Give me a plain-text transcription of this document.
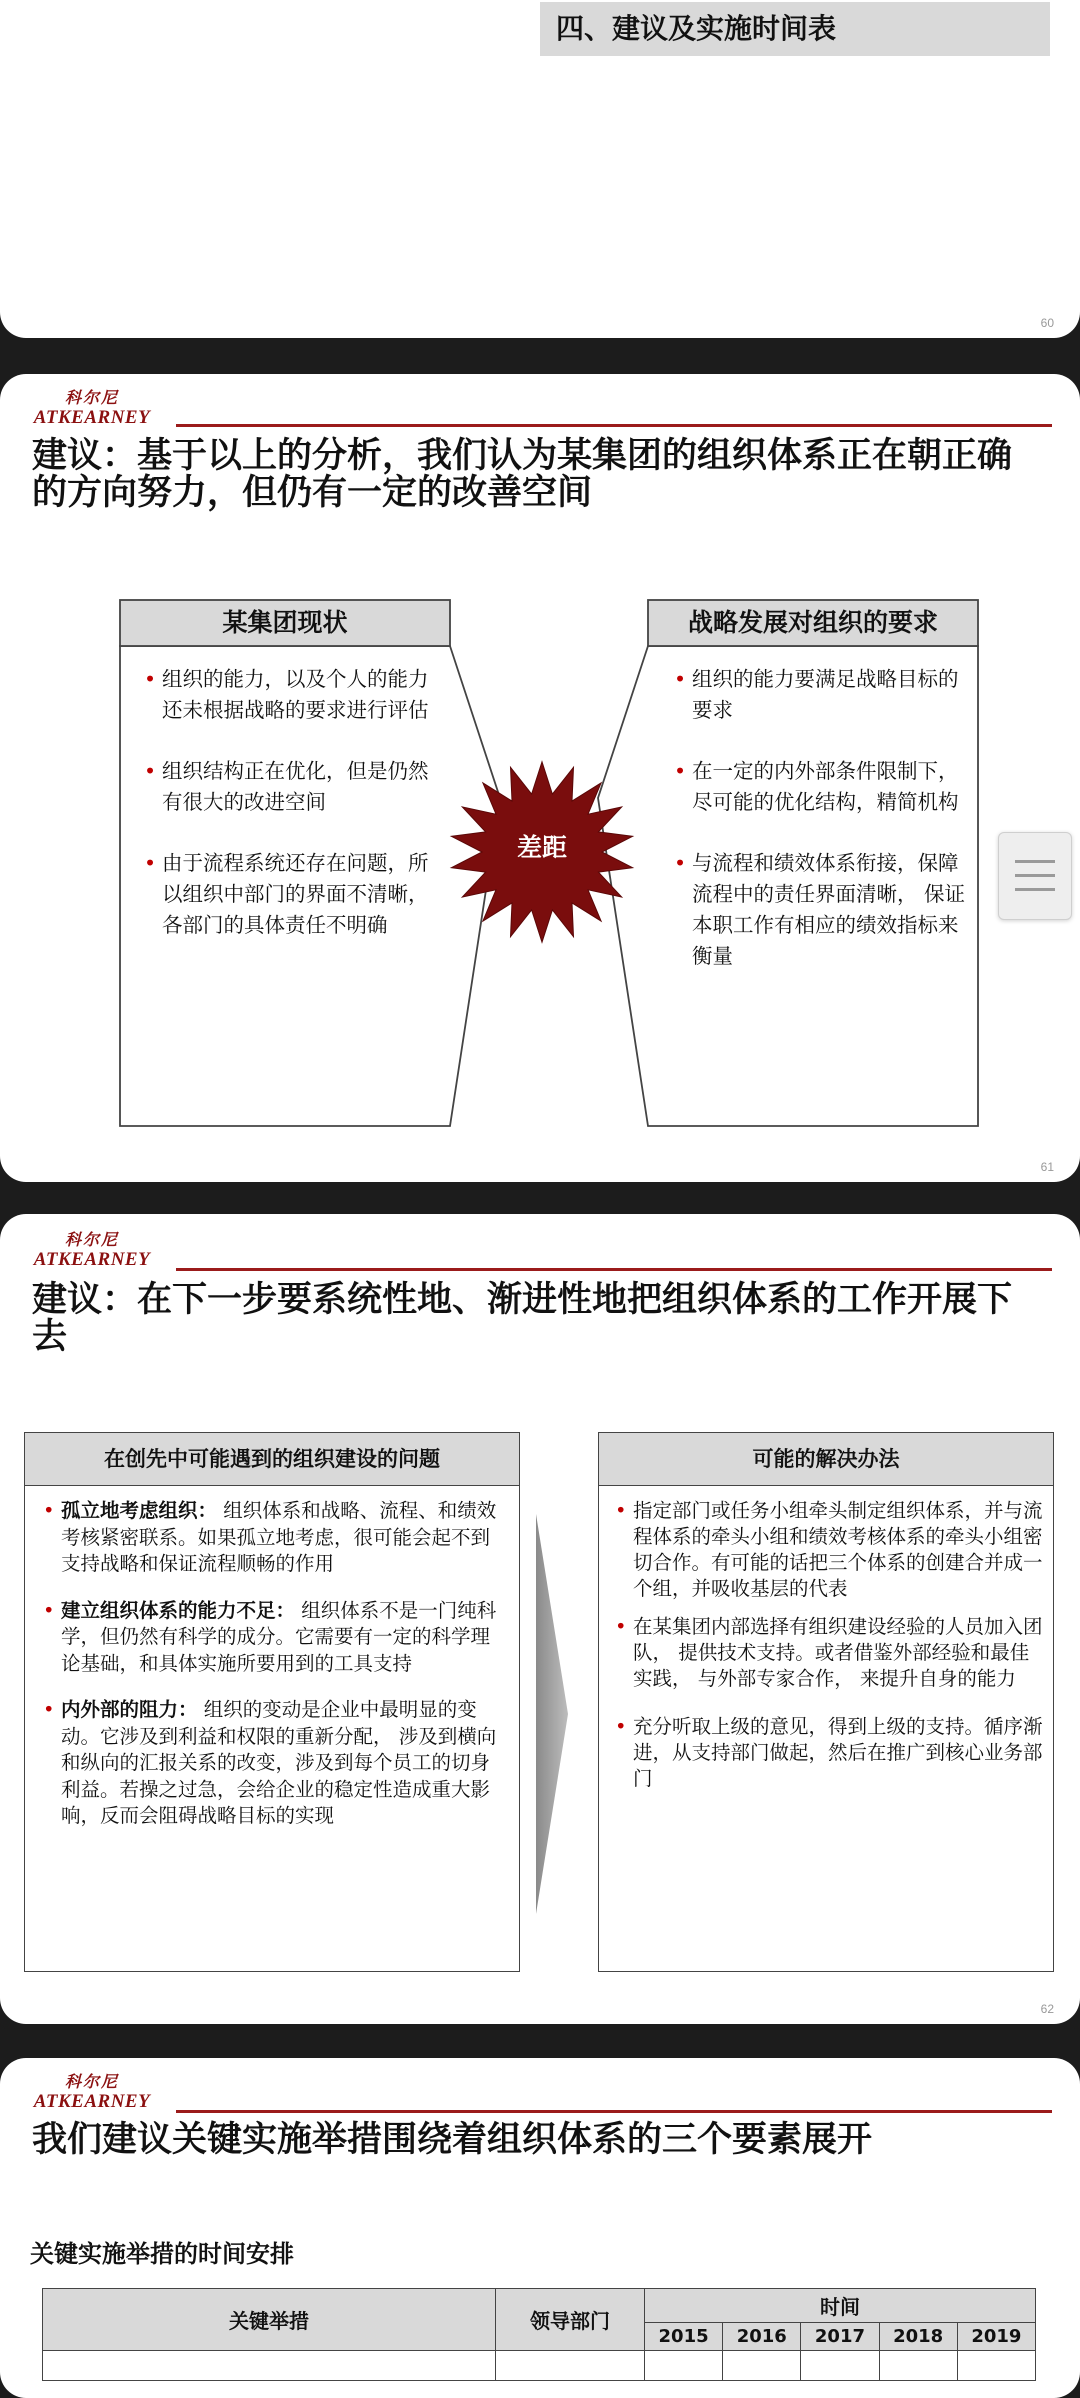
四、建议及实施时间表
60
科尔尼
ATKEARNEY
建议：基于以上的分析，我们认为某集团的组织体系正在朝正确的方向努力，但仍有一定的改善空间
某集团现状	战略发展对组织的要求
• 组织的能力，以及个人的能力还未根据战略的要求进行评估
• 组织结构正在优化，但是仍然有很大的改进空间
• 由于流程系统还存在问题，所以组织中部门的界面不清晰， 各部门的具体责任不明确
差距
• 组织的能力要满足战略目标的要求
• 在一定的内外部条件限制下， 尽可能的优化结构，精简机构
• 与流程和绩效体系衔接，保障流程中的责任界面清晰， 保证本职工作有相应的绩效指标来衡量
61
科尔尼
ATKEARNEY
建议：在下一步要系统性地、渐进性地把组织体系的工作开展下去
在创先中可能遇到的组织建设的问题
• 孤立地考虑组织： 组织体系和战略、流程、和绩效考核紧密联系。如果孤立地考虑，很可能会起不到支持战略和保证流程顺畅的作用
• 建立组织体系的能力不足： 组织体系不是一门纯科学，但仍然有科学的成分。它需要有一定的科学理论基础，和具体实施所要用到的工具支持
• 内外部的阻力： 组织的变动是企业中最明显的变动。它涉及到利益和权限的重新分配， 涉及到横向和纵向的汇报关系的改变，涉及到每个员工的切身利益。若操之过急，会给企业的稳定性造成重大影响，反而会阻碍战略目标的实现
可能的解决办法
• 指定部门或任务小组牵头制定组织体系，并与流程体系的牵头小组和绩效考核体系的牵头小组密切合作。有可能的话把三个体系的创建合并成一个组，并吸收基层的代表
• 在某集团内部选择有组织建设经验的人员加入团队， 提供技术支持。或者借鉴外部经验和最佳实践， 与外部专家合作， 来提升自身的能力
• 充分听取上级的意见，得到上级的支持。循序渐进，从支持部门做起，然后在推广到核心业务部门
62
科尔尼
ATKEARNEY
我们建议关键实施举措围绕着组织体系的三个要素展开
关键实施举措的时间安排
关键举措	领导部门	时间				
		2015	2016	2017	2018	2019
